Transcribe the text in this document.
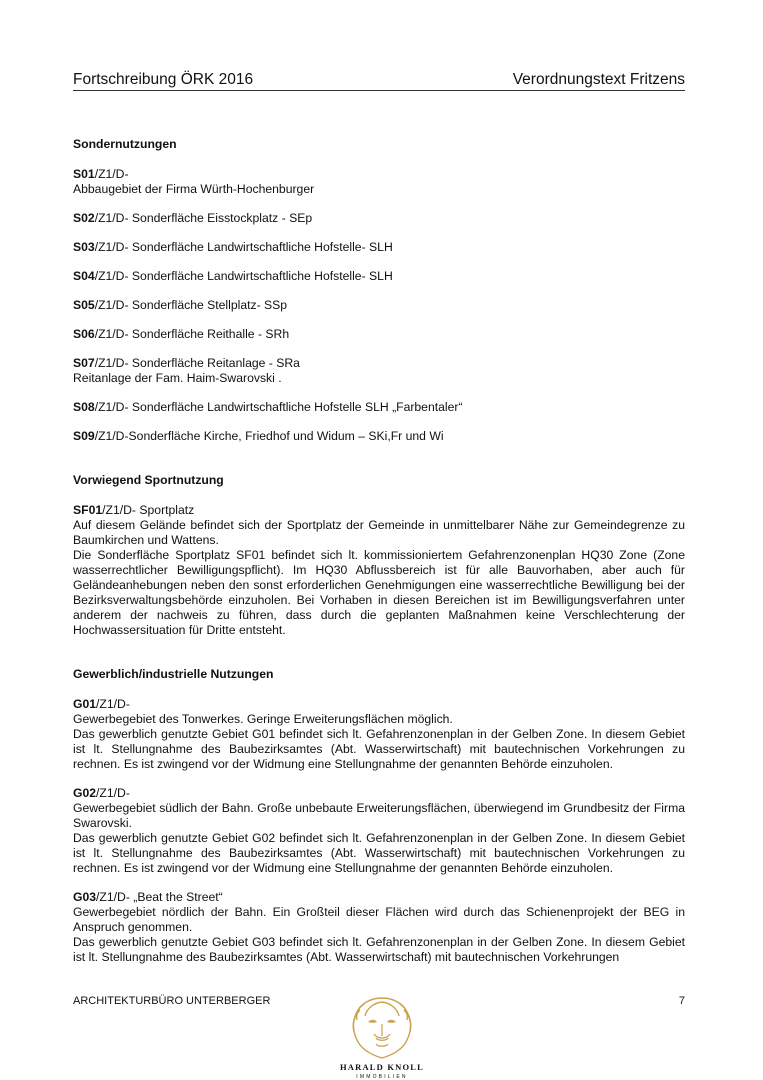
Fortschreibung ÖRK 2016	Verordnungstext Fritzens

Sondernutzungen

S01/Z1/D-

Abbaugebiet der Firma Würth-Hochenburger

S02/Z1/D- Sonderfläche Eisstockplatz - SEp

S03/Z1/D- Sonderfläche Landwirtschaftliche Hofstelle- SLH

S04/Z1/D- Sonderfläche Landwirtschaftliche Hofstelle- SLH

S05/Z1/D- Sonderfläche Stellplatz- SSp

S06/Z1/D- Sonderfläche Reithalle - SRh

S07/Z1/D- Sonderfläche Reitanlage - SRa

Reitanlage der Fam. Haim-Swarovski .

S08/Z1/D- Sonderfläche Landwirtschaftliche Hofstelle SLH „Farbentaler“

S09/Z1/D-Sonderfläche Kirche, Friedhof und Widum – SKi,Fr und Wi

Vorwiegend Sportnutzung

SF01/Z1/D- Sportplatz

Auf diesem Gelände befindet sich der Sportplatz der Gemeinde in unmittelbarer Nähe zur Gemeindegrenze zu Baumkirchen und Wattens.

Die Sonderfläche Sportplatz SF01 befindet sich lt. kommissioniertem Gefahrenzonenplan HQ30 Zone (Zone wasserrechtlicher Bewilligungspflicht). Im HQ30 Abflussbereich ist für alle Bauvorhaben, aber auch für Geländeanhebungen neben den sonst erforderlichen Genehmigungen eine wasserrechtliche Bewilligung bei der Bezirksverwaltungsbehörde einzuholen. Bei Vorhaben in diesen Bereichen ist im Bewilligungsverfahren unter anderem der nachweis zu führen, dass durch die geplanten Maßnahmen keine Verschlechterung der Hochwassersituation für Dritte entsteht.

Gewerblich/industrielle Nutzungen

G01/Z1/D-

Gewerbegebiet des Tonwerkes. Geringe Erweiterungsflächen möglich.

Das gewerblich genutzte Gebiet G01 befindet sich lt. Gefahrenzonenplan in der Gelben Zone. In diesem Gebiet ist lt. Stellungnahme des Baubezirksamtes (Abt. Wasserwirtschaft) mit bautechnischen Vorkehrungen zu rechnen. Es ist zwingend vor der Widmung eine Stellungnahme der genannten Behörde einzuholen.

G02/Z1/D-

Gewerbegebiet südlich der Bahn. Große unbebaute Erweiterungsflächen, überwiegend im Grundbesitz der Firma Swarovski.

Das gewerblich genutzte Gebiet G02 befindet sich lt. Gefahrenzonenplan in der Gelben Zone. In diesem Gebiet ist lt. Stellungnahme des Baubezirksamtes (Abt. Wasserwirtschaft) mit bautechnischen Vorkehrungen zu rechnen. Es ist zwingend vor der Widmung eine Stellungnahme der genannten Behörde einzuholen.

G03/Z1/D- „Beat the Street“

Gewerbegebiet nördlich der Bahn. Ein Großteil dieser Flächen wird durch das Schienenprojekt der BEG in Anspruch genommen.

Das gewerblich genutzte Gebiet G03 befindet sich lt. Gefahrenzonenplan in der Gelben Zone. In diesem Gebiet ist lt. Stellungnahme des Baubezirksamtes (Abt. Wasserwirtschaft) mit bautechnischen Vorkehrungen

ARCHITEKTURBÜRO UNTERBERGER	7
HARALD KNOLL
IMMOBILIEN
